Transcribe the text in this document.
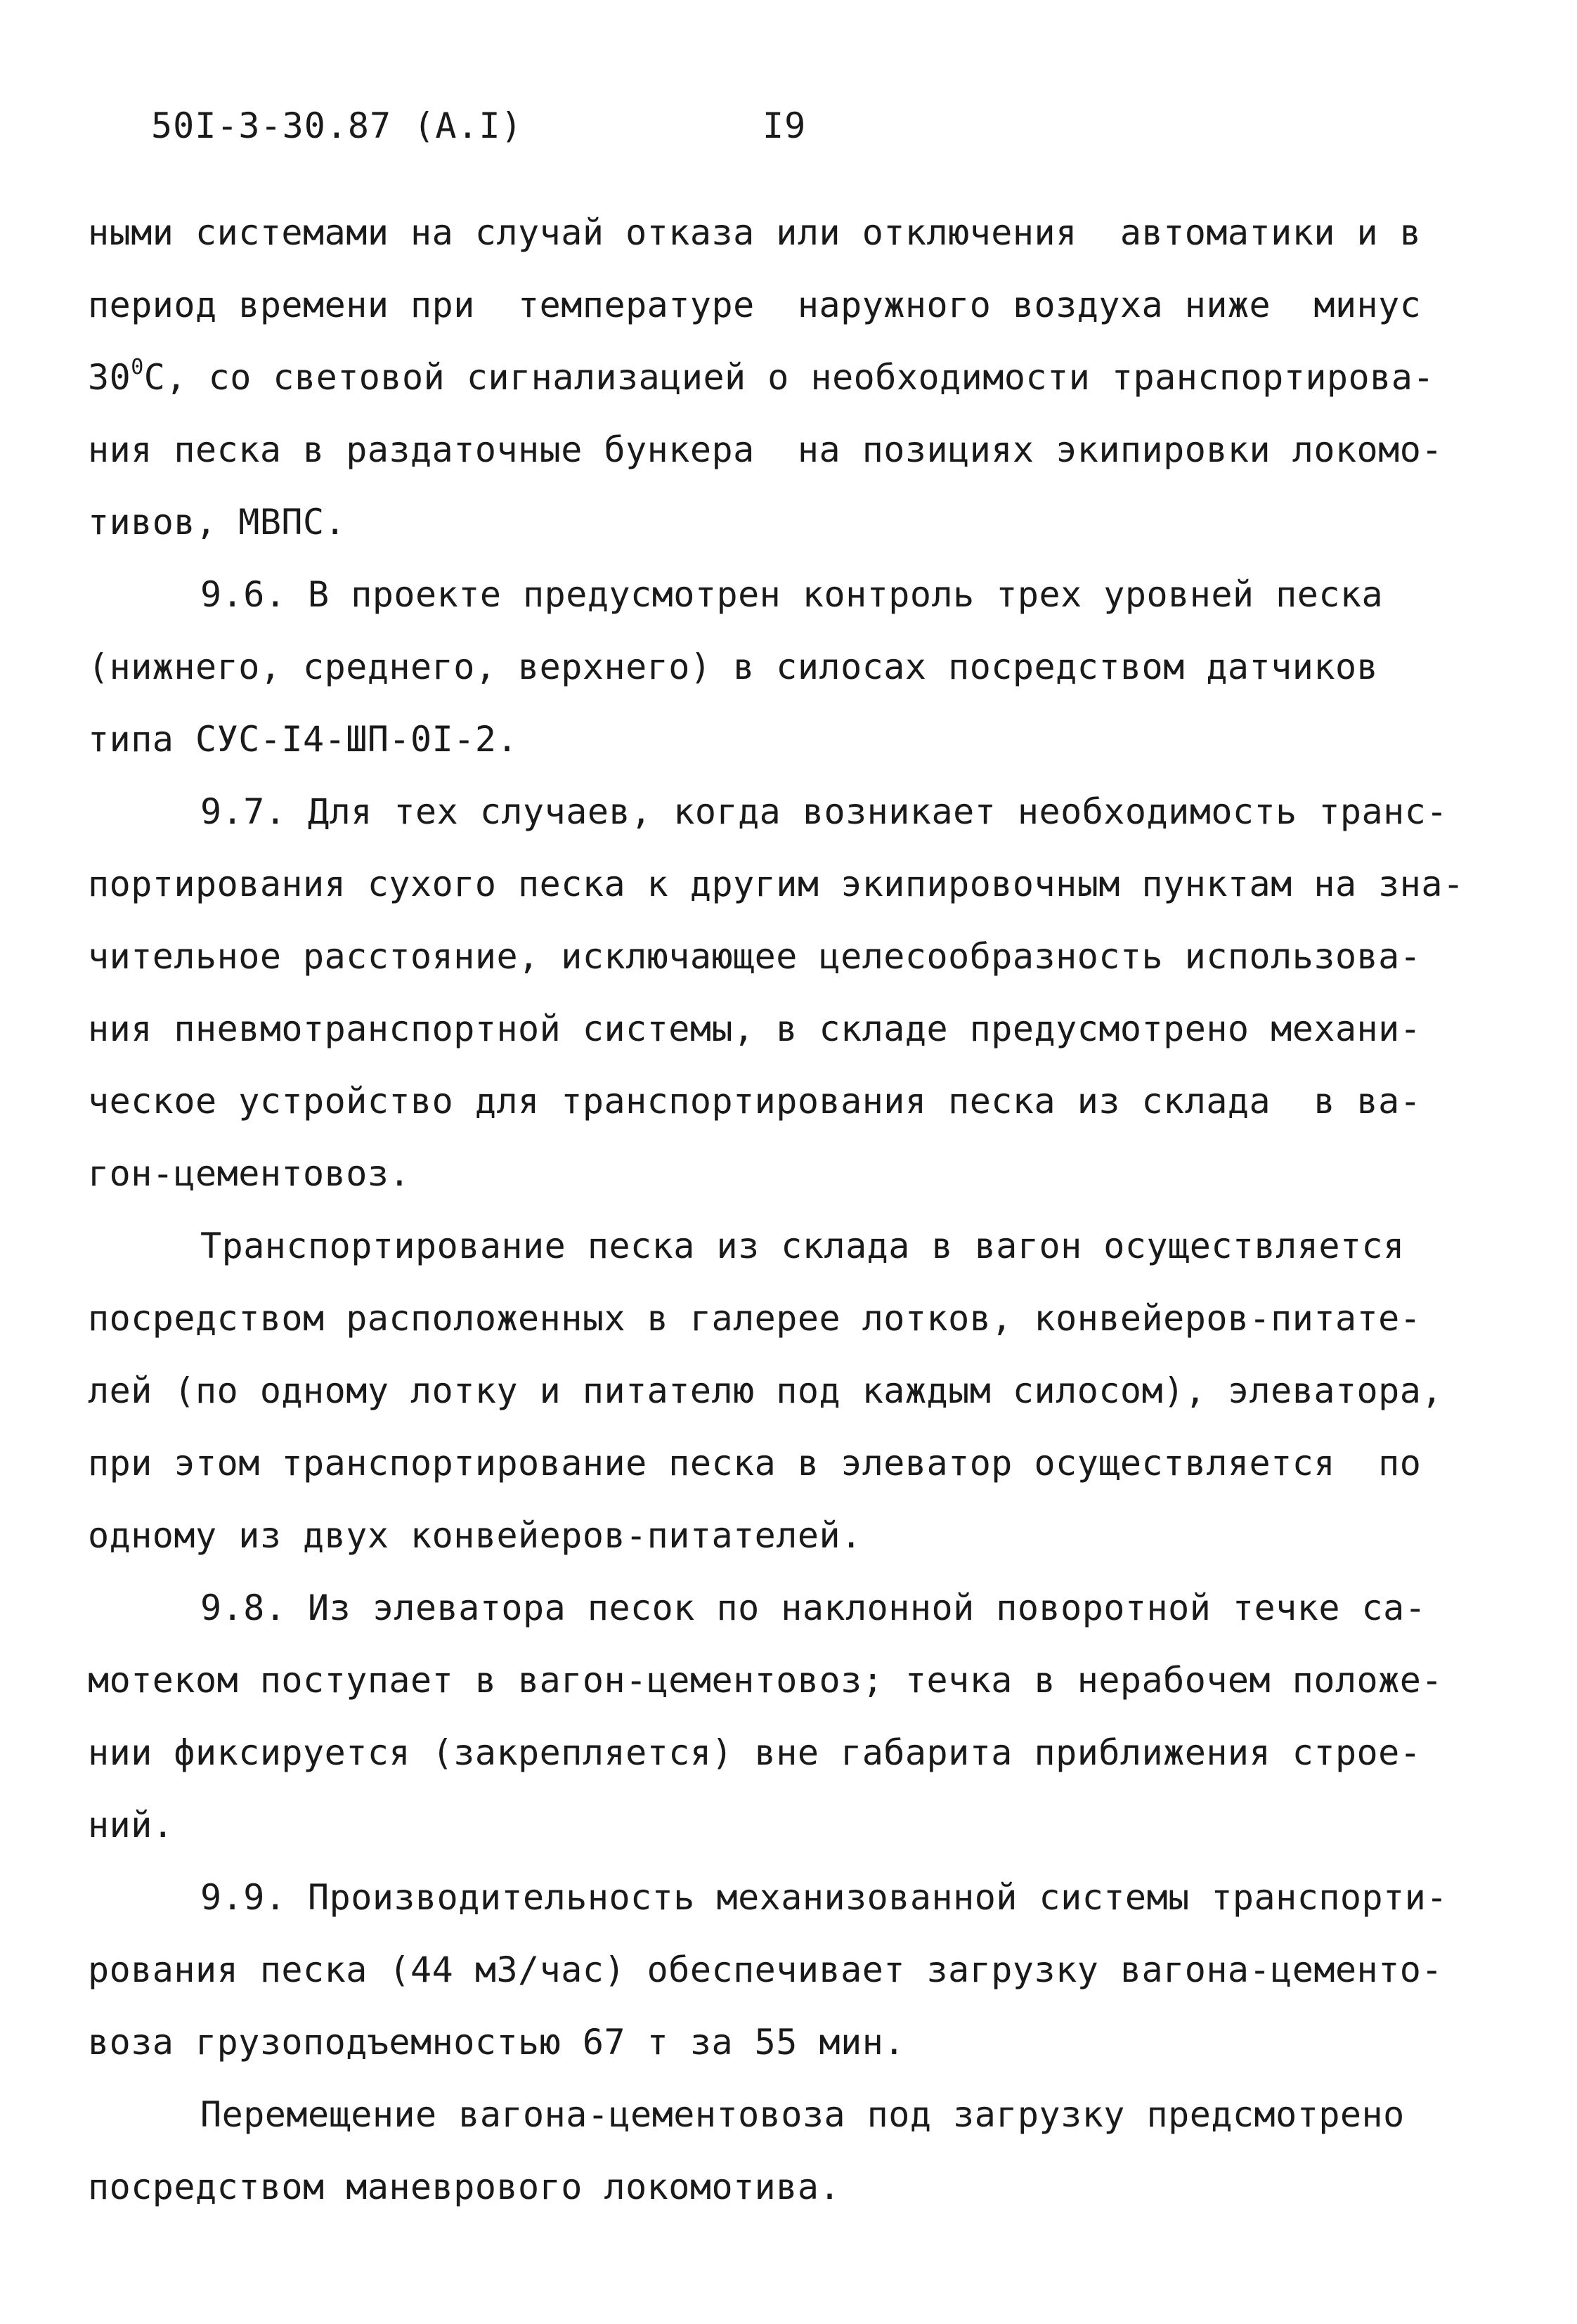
50I-3-30.87 (A.I)	I9
ными системами на случай отказа или отключения  автоматики и в
период времени при  температуре  наружного воздуха ниже  минус
$30^0С$, со световой сигнализацией о необходимости транспортирова-
ния песка в раздаточные бункера  на позициях экипировки локомо-
тивов, МВПС.
9.6. В проекте предусмотрен контроль трех уровней песка
(нижнего, среднего, верхнего) в силосах посредством датчиков
типа СУС-I4-ШП-0I-2.
9.7. Для тех случаев, когда возникает необходимость транс-
портирования сухого песка к другим экипировочным пунктам на зна-
чительное расстояние, исключающее целесообразность использова-
ния пневмотранспортной системы, в складе предусмотрено механи-
ческое устройство для транспортирования песка из склада  в ва-
гон-цементовоз.
Транспортирование песка из склада в вагон осуществляется
посредством расположенных в галерее лотков, конвейеров-питате-
лей (по одному лотку и питателю под каждым силосом), элеватора,
при этом транспортирование песка в элеватор осуществляется  по
одному из двух конвейеров-питателей.
9.8. Из элеватора песок по наклонной поворотной течке са-
мотеком поступает в вагон-цементовоз; течка в нерабочем положе-
нии фиксируется (закрепляется) вне габарита приближения строе-
ний.
9.9. Производительность механизованной системы транспорти-
рования песка (44 м3/час) обеспечивает загрузку вагона-цементо-
воза грузоподъемностью 67 т за 55 мин.
Перемещение вагона-цементовоза под загрузку предсмотрено
посредством маневрового локомотива.
